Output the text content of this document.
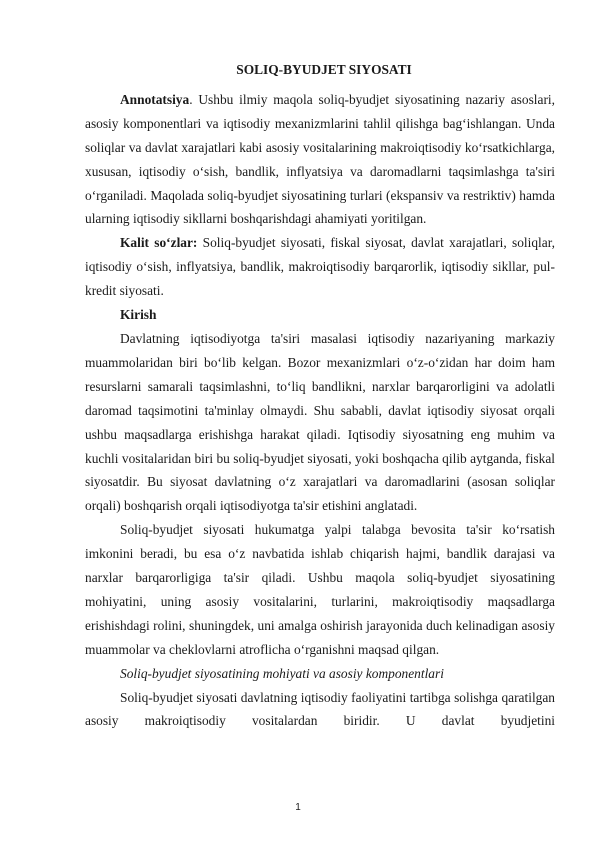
SOLIQ-BYUDJET SIYOSATI

Annotatsiya. Ushbu ilmiy maqola soliq-byudjet siyosatining nazariy asoslari, asosiy komponentlari va iqtisodiy mexanizmlarini tahlil qilishga bag‘ishlangan. Unda soliqlar va davlat xarajatlari kabi asosiy vositalarining makroiqtisodiy ko‘rsatkichlarga, xususan, iqtisodiy o‘sish, bandlik, inflyatsiya va daromadlarni taqsimlashga ta'siri o‘rganiladi. Maqolada soliq-byudjet siyosatining turlari (ekspansiv va restriktiv) hamda ularning iqtisodiy sikllarni boshqarishdagi ahamiyati yoritilgan.

Kalit so‘zlar: Soliq-byudjet siyosati, fiskal siyosat, davlat xarajatlari, soliqlar, iqtisodiy o‘sish, inflyatsiya, bandlik, makroiqtisodiy barqarorlik, iqtisodiy sikllar, pul-kredit siyosati.

Kirish

Davlatning iqtisodiyotga ta'siri masalasi iqtisodiy nazariyaning markaziy muammolaridan biri bo‘lib kelgan. Bozor mexanizmlari o‘z-o‘zidan har doim ham resurslarni samarali taqsimlashni, to‘liq bandlikni, narxlar barqarorligini va adolatli daromad taqsimotini ta'minlay olmaydi. Shu sababli, davlat iqtisodiy siyosat orqali ushbu maqsadlarga erishishga harakat qiladi. Iqtisodiy siyosatning eng muhim va kuchli vositalaridan biri bu soliq-byudjet siyosati, yoki boshqacha qilib aytganda, fiskal siyosatdir. Bu siyosat davlatning o‘z xarajatlari va daromadlarini (asosan soliqlar orqali) boshqarish orqali iqtisodiyotga ta'sir etishini anglatadi.

Soliq-byudjet siyosati hukumatga yalpi talabga bevosita ta'sir ko‘rsatish imkonini beradi, bu esa o‘z navbatida ishlab chiqarish hajmi, bandlik darajasi va narxlar barqarorligiga ta'sir qiladi. Ushbu maqola soliq-byudjet siyosatining mohiyatini, uning asosiy vositalarini, turlarini, makroiqtisodiy maqsadlarga erishishdagi rolini, shuningdek, uni amalga oshirish jarayonida duch kelinadigan asosiy muammolar va cheklovlarni atroflicha o‘rganishni maqsad qilgan.

Soliq-byudjet siyosatining mohiyati va asosiy komponentlari

Soliq-byudjet siyosati davlatning iqtisodiy faoliyatini tartibga solishga qaratilgan asosiy makroiqtisodiy vositalardan biridir. U davlat byudjetini

1
